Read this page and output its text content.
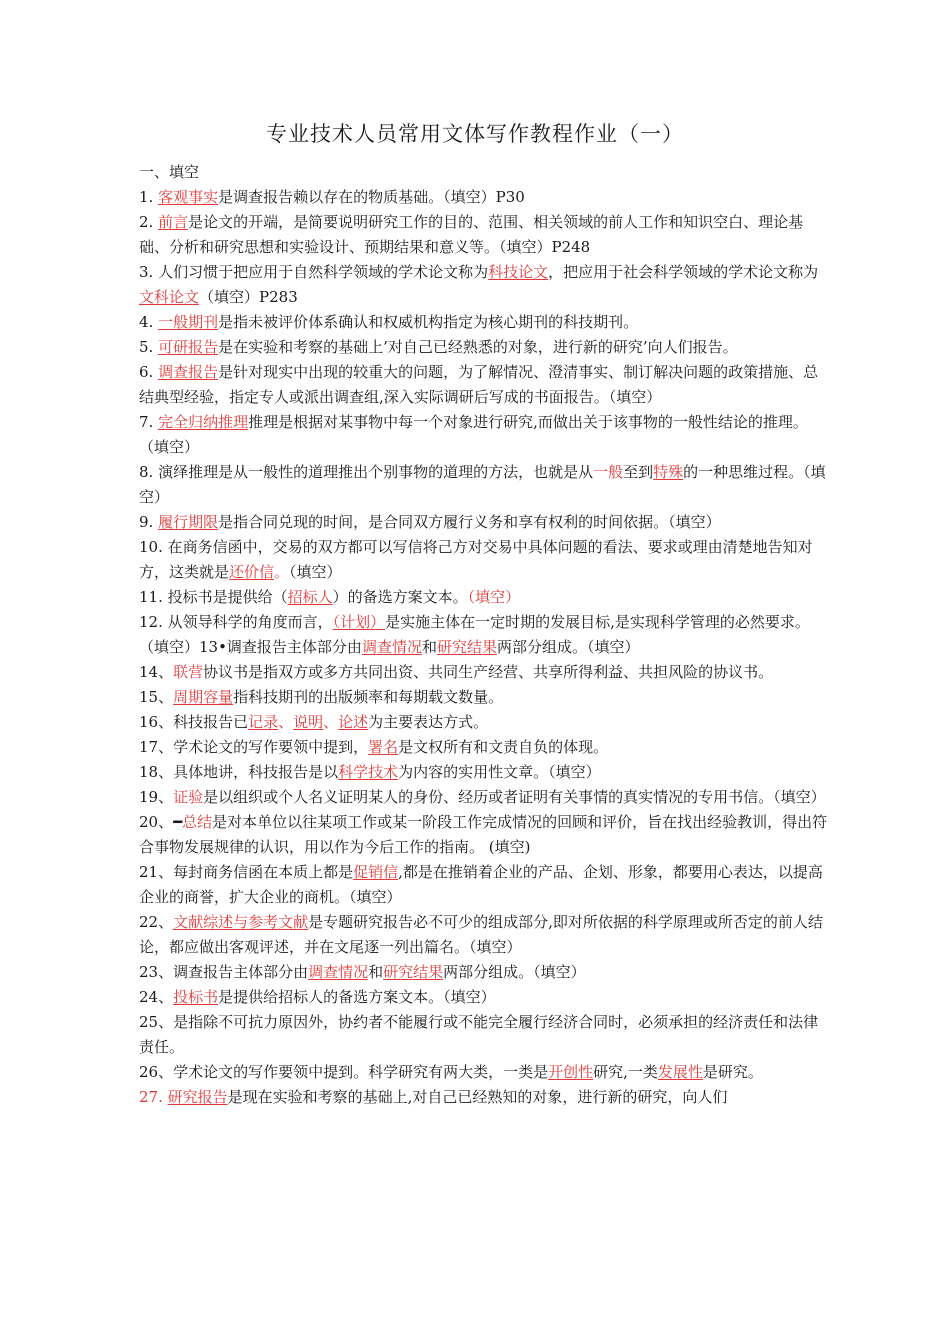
专业技术人员常用文体写作教程作业（一）

一、填空

1. 客观事实是调查报告赖以存在的物质基础。（填空）P30

2. 前言是论文的开端，是简要说明研究工作的目的、范围、相关领域的前人工作和知识空白、理论基础、分析和研究思想和实验设计、预期结果和意义等。（填空）P248

3. 人们习惯于把应用于自然科学领域的学术论文称为科技论文，把应用于社会科学领域的学术论文称为文科论文（填空）P283

4. 一般期刊是指未被评价体系确认和权威机构指定为核心期刊的科技期刊。

5. 可研报告是在实验和考察的基础上’对自己已经熟悉的对象，进行新的研究’向人们报告。

6. 调查报告是针对现实中出现的较重大的问题，为了解情况、澄清事实、制订解决问题的政策措施、总结典型经验，指定专人或派出调查组,深入实际调研后写成的书面报告。（填空）

7. 完全归纳推理推理是根据对某事物中每一个对象进行研究,而做出关于该事物的一般性结论的推理。（填空）

8. 演绎推理是从一般性的道理推出个别事物的道理的方法，也就是从一般至到特殊的一种思维过程。（填空）

9. 履行期限是指合同兑现的时间，是合同双方履行义务和享有权利的时间依据。（填空）

10. 在商务信函中，交易的双方都可以写信将己方对交易中具体问题的看法、要求或理由清楚地告知对方，这类就是还价信。（填空）

11. 投标书是提供给（招标人）的备选方案文本。（填空）

12. 从领导科学的角度而言，（计划）是实施主体在一定时期的发展目标,是实现科学管理的必然要求。（填空）13•调查报告主体部分由调查情况和研究结果两部分组成。（填空）

14、联营协议书是指双方或多方共同出资、共同生产经营、共享所得利益、共担风险的协议书。

15、周期容量指科技期刊的出版频率和每期载文数量。

16、科技报告已记录、说明、论述为主要表达方式。

17、学术论文的写作要领中提到，署名是文权所有和文责自负的体现。

18、具体地讲，科技报告是以科学技术为内容的实用性文章。（填空）

19、证验是以组织或个人名义证明某人的身份、经历或者证明有关事情的真实情况的专用书信。（填空）

20、━总结是对本单位以往某项工作或某一阶段工作完成情况的回顾和评价，旨在找出经验教训，得出符合事物发展规律的认识，用以作为今后工作的指南。 (填空)

21、每封商务信函在本质上都是促销信,都是在推销着企业的产品、企划、形象，都要用心表达，以提高企业的商誉，扩大企业的商机。（填空）

22、文献综述与参考文献是专题研究报告必不可少的组成部分,即对所依据的科学原理或所否定的前人结论，都应做出客观评述，并在文尾逐一列出篇名。（填空）

23、调查报告主体部分由调查情况和研究结果两部分组成。（填空）

24、投标书是提供给招标人的备选方案文本。（填空）

25、是指除不可抗力原因外，协约者不能履行或不能完全履行经济合同时，必须承担的经济责任和法律责任。

26、学术论文的写作要领中提到。科学研究有两大类，一类是开创性研究,一类发展性是研究。

27. 研究报告是现在实验和考察的基础上,对自己已经熟知的对象，进行新的研究，向人们
